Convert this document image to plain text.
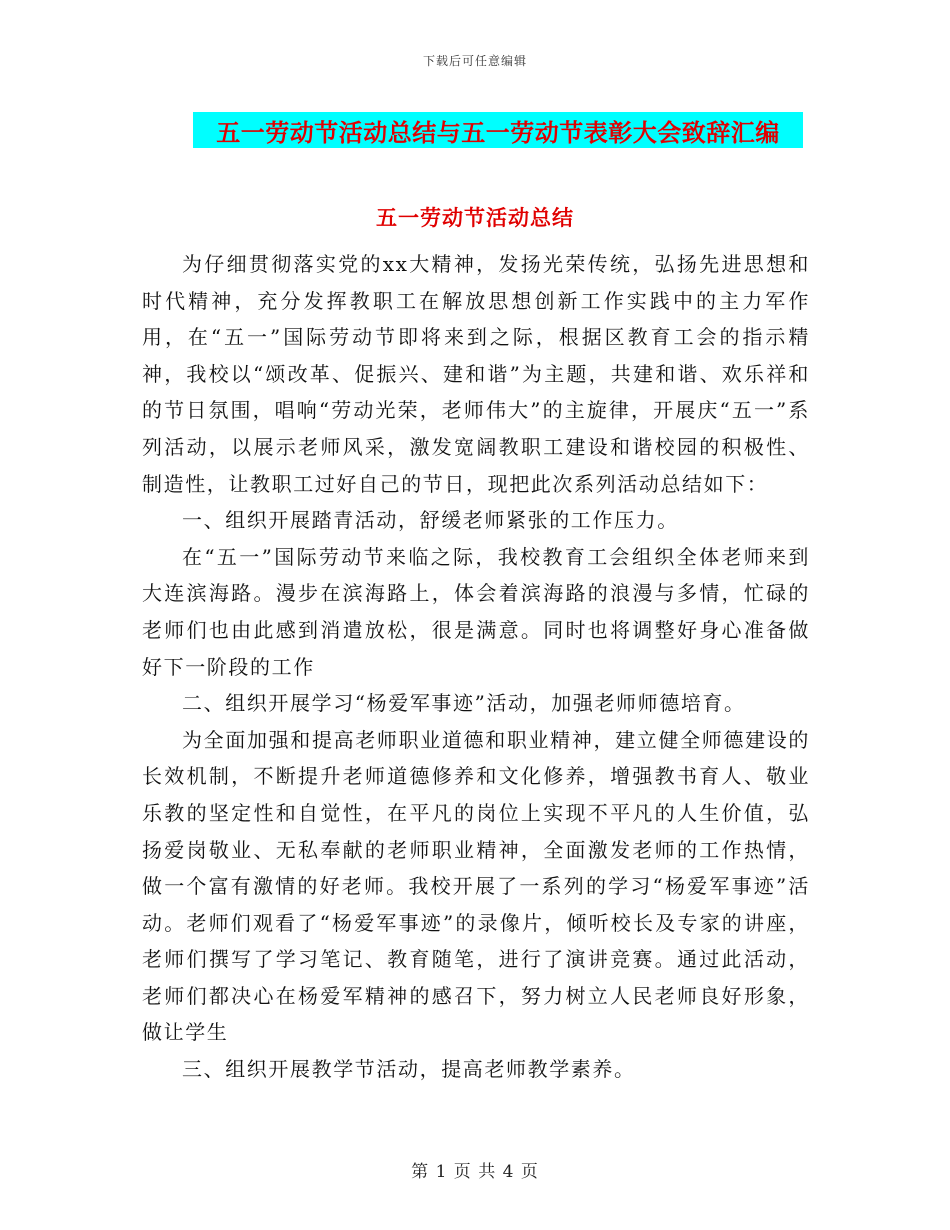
下载后可任意编辑
五一劳动节活动总结与五一劳动节表彰大会致辞汇编
五一劳动节活动总结

为仔细贯彻落实党的xx大精神，发扬光荣传统，弘扬先进思想和时代精神，充分发挥教职工在解放思想创新工作实践中的主力军作用，在“五一”国际劳动节即将来到之际，根据区教育工会的指示精神，我校以“颂改革、促振兴、建和谐”为主题，共建和谐、欢乐祥和的节日氛围，唱响“劳动光荣，老师伟大”的主旋律，开展庆“五一”系列活动，以展示老师风采，激发宽阔教职工建设和谐校园的积极性、制造性，让教职工过好自己的节日，现把此次系列活动总结如下：

一、组织开展踏青活动，舒缓老师紧张的工作压力。

在“五一”国际劳动节来临之际，我校教育工会组织全体老师来到大连滨海路。漫步在滨海路上，体会着滨海路的浪漫与多情，忙碌的老师们也由此感到消遣放松，很是满意。同时也将调整好身心准备做好下一阶段的工作

二、组织开展学习“杨爱军事迹”活动，加强老师师德培育。

为全面加强和提高老师职业道德和职业精神，建立健全师德建设的长效机制，不断提升老师道德修养和文化修养，增强教书育人、敬业乐教的坚定性和自觉性，在平凡的岗位上实现不平凡的人生价值，弘扬爱岗敬业、无私奉献的老师职业精神，全面激发老师的工作热情，做一个富有激情的好老师。我校开展了一系列的学习“杨爱军事迹”活动。老师们观看了“杨爱军事迹”的录像片，倾听校长及专家的讲座，老师们撰写了学习笔记、教育随笔，进行了演讲竞赛。通过此活动，老师们都决心在杨爱军精神的感召下，努力树立人民老师良好形象，做让学生

三、组织开展教学节活动，提高老师教学素养。

第 1 页 共 4 页
